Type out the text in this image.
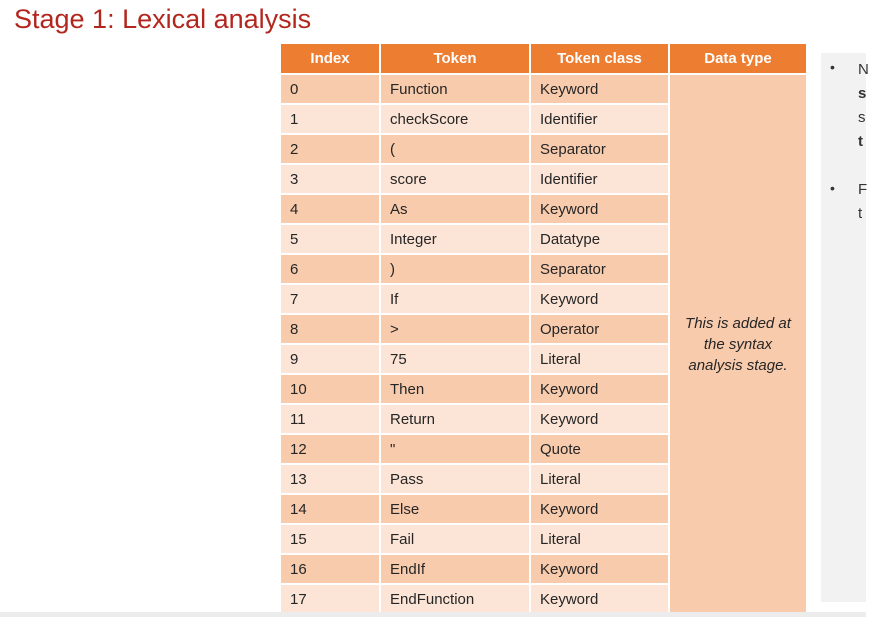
Stage 1: Lexical analysis
Index	Token	Token class	Data type
0	Function	Keyword	This is added at the syntax analysis stage.
1	checkScore	Identifier	
2	(	Separator	
3	score	Identifier	
4	As	Keyword	
5	Integer	Datatype	
6	)	Separator	
7	If	Keyword	
8	>	Operator	
9	75	Literal	
10	Then	Keyword	
11	Return	Keyword	
12	"	Quote	
13	Pass	Literal	
14	Else	Keyword	
15	Fail	Literal	
16	EndIf	Keyword	
17	EndFunction	Keyword	
• N
s
s
t
• F
t
